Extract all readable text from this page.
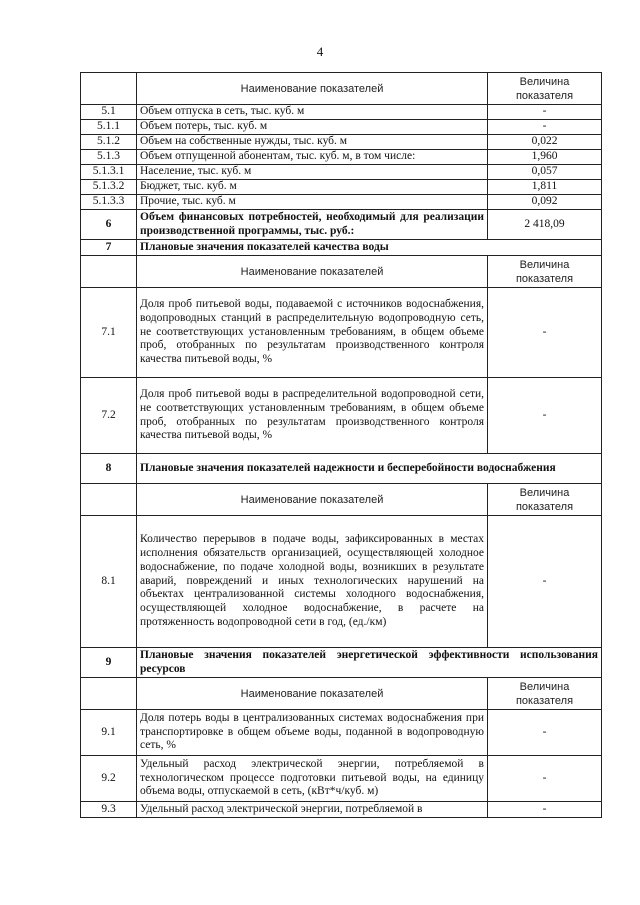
4
	Наименование показателей	Величина показателя
5.1	Объем отпуска в сеть, тыс. куб. м	-
5.1.1	Объем потерь, тыс. куб. м	-
5.1.2	Объем на собственные нужды, тыс. куб. м	0,022
5.1.3	Объем отпущенной абонентам, тыс. куб. м, в том числе:	1,960
5.1.3.1	Население, тыс. куб. м	0,057
5.1.3.2	Бюджет, тыс. куб. м	1,811
5.1.3.3	Прочие, тыс. куб. м	0,092
6	Объем финансовых потребностей, необходимый для реализации производственной программы, тыс. руб.:	2 418,09
7	Плановые значения показателей качества воды	
	Наименование показателей	Величина показателя
7.1	Доля проб питьевой воды, подаваемой с источников водоснабжения, водопроводных станций в распределительную водопроводную сеть, не соответствующих установленным требованиям, в общем объеме проб, отобранных по результатам производственного контроля качества питьевой воды, %	-
7.2	Доля проб питьевой воды в распределительной водопроводной сети, не соответствующих установленным требованиям, в общем объеме проб, отобранных по результатам производственного контроля качества питьевой воды, %	-
8	Плановые значения показателей надежности и бесперебойности водоснабжения	
	Наименование показателей	Величина показателя
8.1	Количество перерывов в подаче воды, зафиксированных в местах исполнения обязательств организацией, осуществляющей холодное водоснабжение, по подаче холодной воды, возникших в результате аварий, повреждений и иных технологических нарушений на объектах централизованной системы холодного водоснабжения, осуществляющей холодное водоснабжение, в расчете на протяженность водопроводной сети в год, (ед./км)	-
9	Плановые значения показателей энергетической эффективности использования ресурсов	
	Наименование показателей	Величина показателя
9.1	Доля потерь воды в централизованных системах водоснабжения при транспортировке в общем объеме воды, поданной в водопроводную сеть, %	-
9.2	Удельный расход электрической энергии, потребляемой в технологическом процессе подготовки питьевой воды, на единицу объема воды, отпускаемой в сеть, (кВт*ч/куб. м)	-
9.3	Удельный расход электрической энергии, потребляемой в	-
